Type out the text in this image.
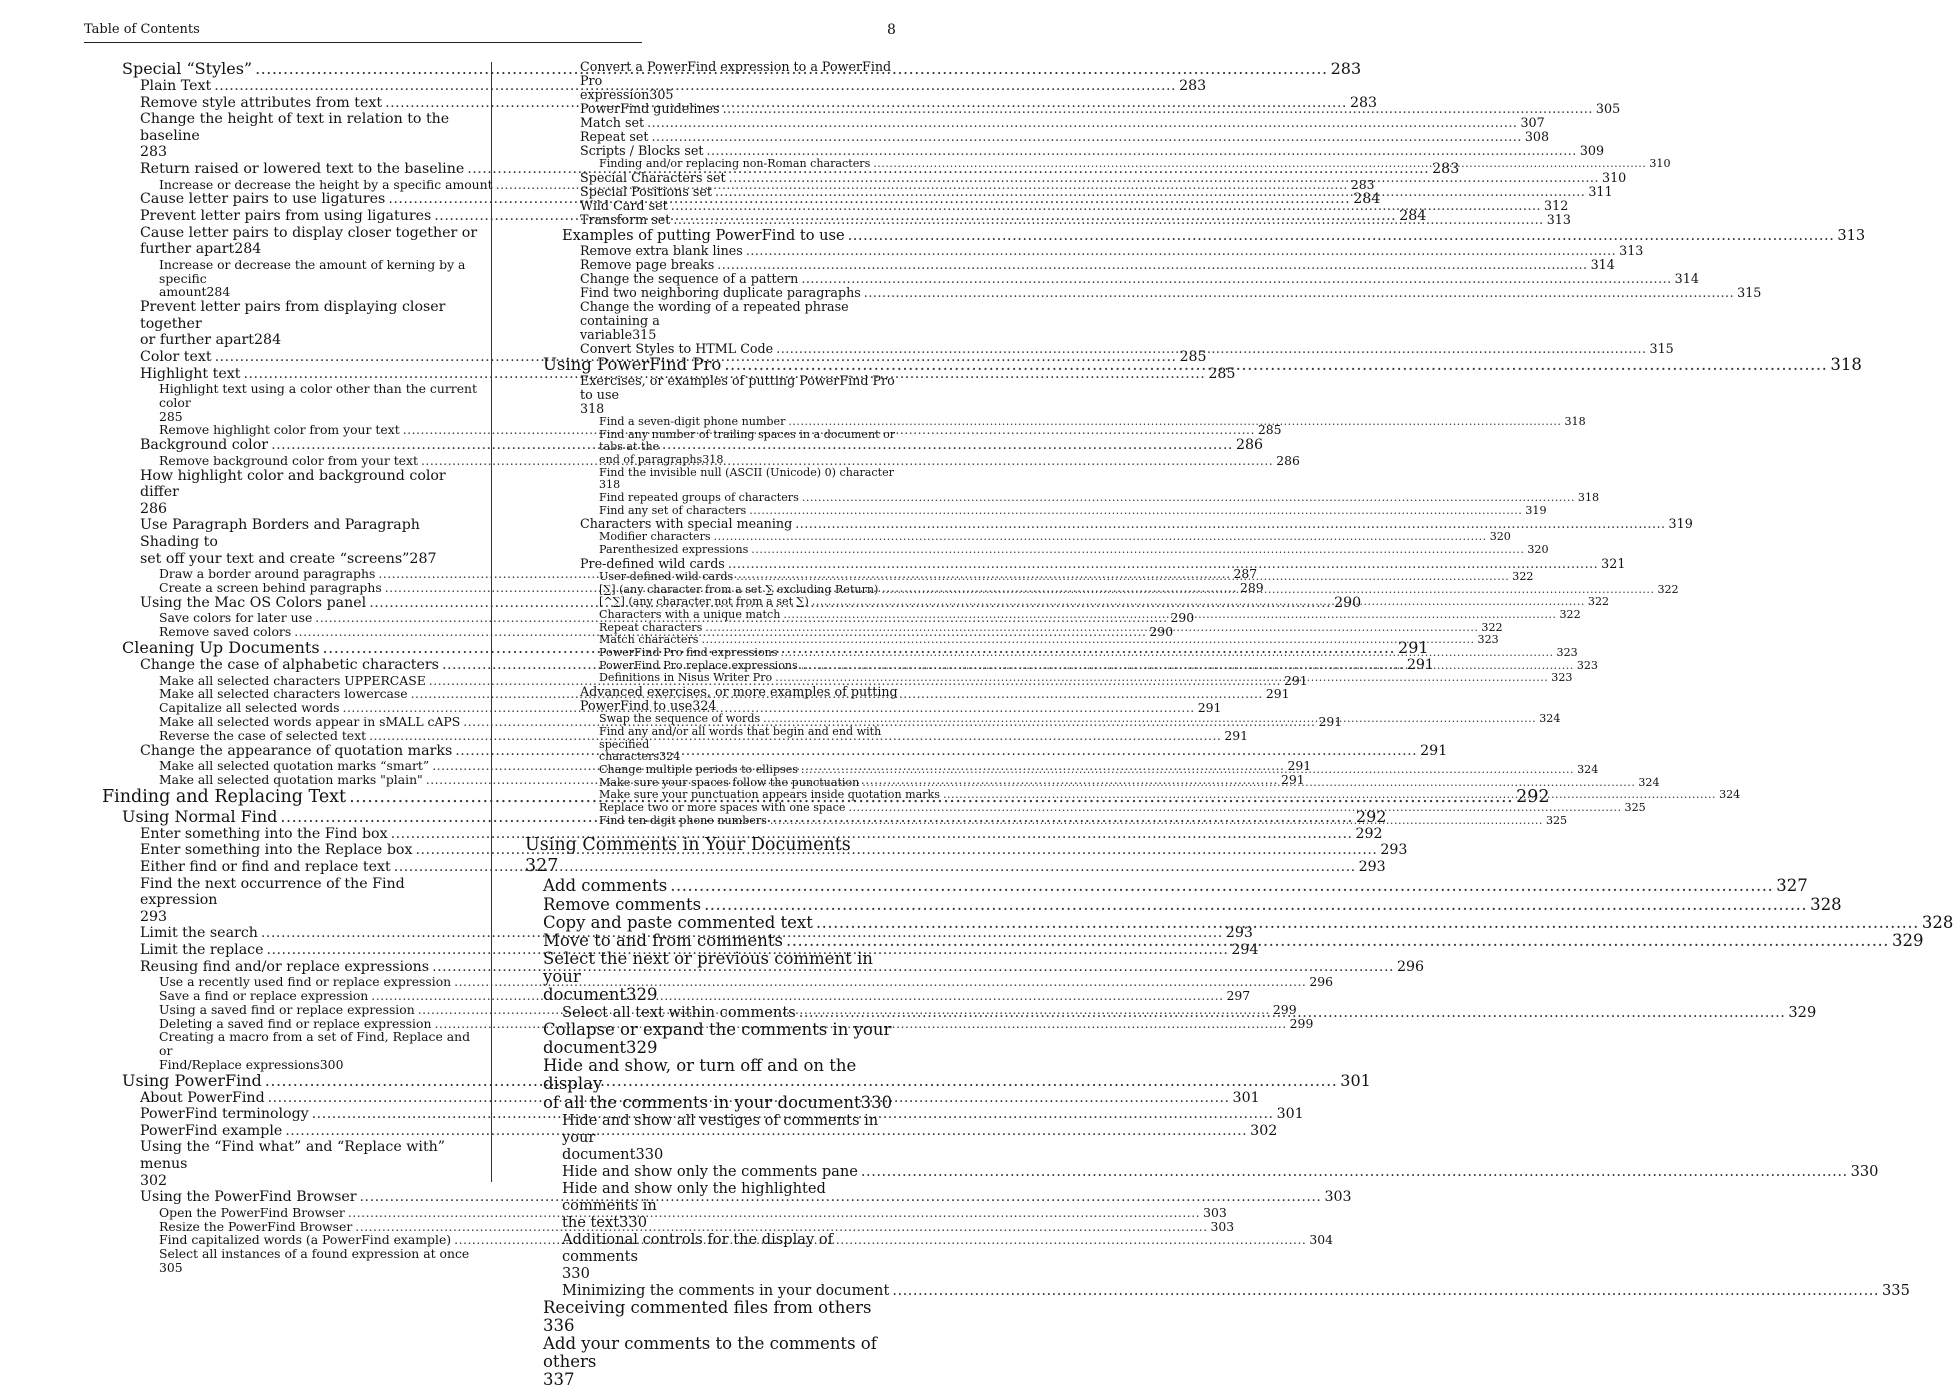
Table of Contents	8
Special “Styles” .....	283
Plain Text .....	283
Remove style attributes from text .....	283
Change the height of text in relation to the baseline
283
Return raised or lowered text to the baseline .....	283
Increase or decrease the height by a specific amount .....	283
Cause letter pairs to use ligatures .....	284
Prevent letter pairs from using ligatures .....	284
Cause letter pairs to display closer together or
further apart 284
Increase or decrease the amount of kerning by a specific
amount 284
Prevent letter pairs from displaying closer together
or further apart 284
Color text .....	285
Highlight text .....	285
Highlight text using a color other than the current color
285
Remove highlight color from your text .....	285
Background color .....	286
Remove background color from your text .....	286
How highlight color and background color differ
286
Use Paragraph Borders and Paragraph Shading to
set off your text and create “screens” 287
Draw a border around paragraphs .....	287
Create a screen behind paragraphs .....	289
Using the Mac OS Colors panel .....	290
Save colors for later use .....	290
Remove saved colors .....	290
Cleaning Up Documents .....	291
Change the case of alphabetic characters .....	291
Make all selected characters UPPERCASE .....	291
Make all selected characters lowercase .....	291
Capitalize all selected words .....	291
Make all selected words appear in sMALL cAPS .....	291
Reverse the case of selected text .....	291
Change the appearance of quotation marks .....	291
Make all selected quotation marks “smart” .....	291
Make all selected quotation marks "plain" .....	291
Finding and Replacing Text .....	292
Using Normal Find .....	292
Enter something into the Find box .....	292
Enter something into the Replace box .....	293
Either find or find and replace text .....	293
Find the next occurrence of the Find expression
293
Limit the search .....	293
Limit the replace .....	294
Reusing find and/or replace expressions .....	296
Use a recently used find or replace expression .....	296
Save a find or replace expression .....	297
Using a saved find or replace expression .....	299
Deleting a saved find or replace expression .....	299
Creating a macro from a set of Find, Replace and or
Find/Replace expressions 300
Using PowerFind .....	301
About PowerFind .....	301
PowerFind terminology .....	301
PowerFind example .....	302
Using the “Find what” and “Replace with” menus
302
Using the PowerFind Browser .....	303
Open the PowerFind Browser .....	303
Resize the PowerFind Browser .....	303
Find capitalized words (a PowerFind example) .....	304
Select all instances of a found expression at once
305
Convert a PowerFind expression to a PowerFind Pro
expression 305
PowerFind guidelines .....	305
Match set .....	307
Repeat set .....	308
Scripts / Blocks set .....	309
Finding and/or replacing non-Roman characters .....	310
Special Characters set .....	310
Special Positions set .....	311
Wild Card set .....	312
Transform set .....	313
Examples of putting PowerFind to use .....	313
Remove extra blank lines .....	313
Remove page breaks .....	314
Change the sequence of a pattern .....	314
Find two neighboring duplicate paragraphs .....	315
Change the wording of a repeated phrase containing a
variable 315
Convert Styles to HTML Code .....	315
Using PowerFind Pro .....	318
Exercises, or examples of putting PowerFind Pro to use
318
Find a seven-digit phone number .....	318
Find any number of trailing spaces in a document or tabs at the
end of paragraphs 318
Find the invisible null (ASCII (Unicode) 0) character
318
Find repeated groups of characters .....	318
Find any set of characters .....	319
Characters with special meaning .....	319
Modifier characters .....	320
Parenthesized expressions .....	320
Pre-defined wild cards .....	321
User-defined wild cards .....	322
[∑] (any character from a set ∑ excluding Return) .....	322
[^∑] (any character not from a set ∑) .....	322
Characters with a unique match .....	322
Repeat characters .....	322
Match characters .....	323
PowerFind Pro find expressions .....	323
PowerFind Pro replace expressions .....	323
Definitions in Nisus Writer Pro .....	323
Advanced exercises, or more examples of putting
PowerFind to use 324
Swap the sequence of words .....	324
Find any and/or all words that begin and end with specified
characters 324
Change multiple periods to ellipses .....	324
Make sure your spaces follow the punctuation .....	324
Make sure your punctuation appears inside quotation marks .....	324
Replace two or more spaces with one space .....	325
Find ten-digit phone numbers .....	325
Using Comments in Your Documents
327
Add comments .....	327
Remove comments .....	328
Copy and paste commented text .....	328
Move to and from comments .....	329
Select the next or previous comment in your
document 329
Select all text within comments .....	329
Collapse or expand the comments in your
document 329
Hide and show, or turn off and on the display
of all the comments in your document 330
Hide and show all vestiges of comments in your
document 330
Hide and show only the comments pane .....	330
Hide and show only the highlighted comments in
the text 330
Additional controls for the display of comments
330
Minimizing the comments in your document .....	335
Receiving commented files from others
336
Add your comments to the comments of others
337
